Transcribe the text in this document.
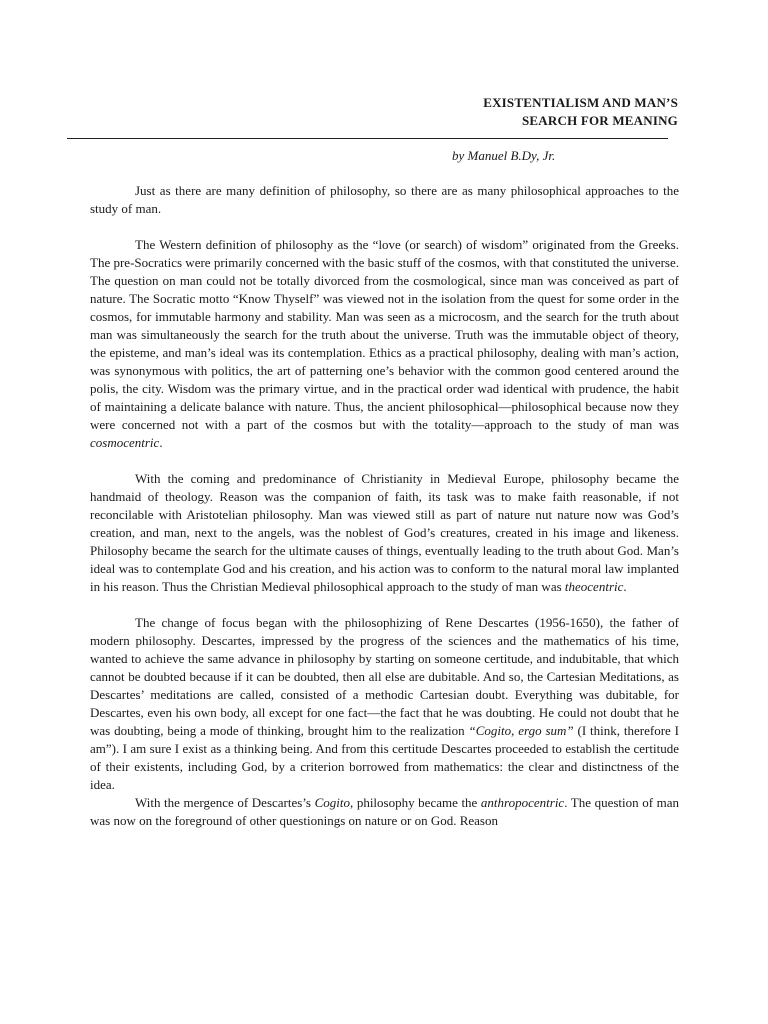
EXISTENTIALISM AND MAN’S
SEARCH FOR MEANING
by Manuel B.Dy, Jr.

Just as there are many definition of philosophy, so there are as many philosophical approaches to the study of man.

The Western definition of philosophy as the “love (or search) of wisdom” originated from the Greeks. The pre-Socratics were primarily concerned with the basic stuff of the cosmos, with that constituted the universe. The question on man could not be totally divorced from the cosmological, since man was conceived as part of nature. The Socratic motto “Know Thyself” was viewed not in the isolation from the quest for some order in the cosmos, for immutable harmony and stability. Man was seen as a microcosm, and the search for the truth about man was simultaneously the search for the truth about the universe. Truth was the immutable object of theory, the episteme, and man’s ideal was its contemplation. Ethics as a practical philosophy, dealing with man’s action, was synonymous with politics, the art of patterning one’s behavior with the common good centered around the polis, the city. Wisdom was the primary virtue, and in the practical order wad identical with prudence, the habit of maintaining a delicate balance with nature. Thus, the ancient philosophical—philosophical because now they were concerned not with a part of the cosmos but with the totality—approach to the study of man was cosmocentric.

With the coming and predominance of Christianity in Medieval Europe, philosophy became the handmaid of theology. Reason was the companion of faith, its task was to make faith reasonable, if not reconcilable with Aristotelian philosophy. Man was viewed still as part of nature nut nature now was God’s creation, and man, next to the angels, was the noblest of God’s creatures, created in his image and likeness. Philosophy became the search for the ultimate causes of things, eventually leading to the truth about God. Man’s ideal was to contemplate God and his creation, and his action was to conform to the natural moral law implanted in his reason. Thus the Christian Medieval philosophical approach to the study of man was theocentric.

The change of focus began with the philosophizing of Rene Descartes (1956-1650), the father of modern philosophy. Descartes, impressed by the progress of the sciences and the mathematics of his time, wanted to achieve the same advance in philosophy by starting on someone certitude, and indubitable, that which cannot be doubted because if it can be doubted, then all else are dubitable. And so, the Cartesian Meditations, as Descartes’ meditations are called, consisted of a methodic Cartesian doubt. Everything was dubitable, for Descartes, even his own body, all except for one fact—the fact that he was doubting. He could not doubt that he was doubting, being a mode of thinking, brought him to the realization “Cogito, ergo sum” (I think, therefore I am”). I am sure I exist as a thinking being. And from this certitude Descartes proceeded to establish the certitude of their existents, including God, by a criterion borrowed from mathematics: the clear and distinctness of the idea.

With the mergence of Descartes’s Cogito, philosophy became the anthropocentric. The question of man was now on the foreground of other questionings on nature or on God. Reason
